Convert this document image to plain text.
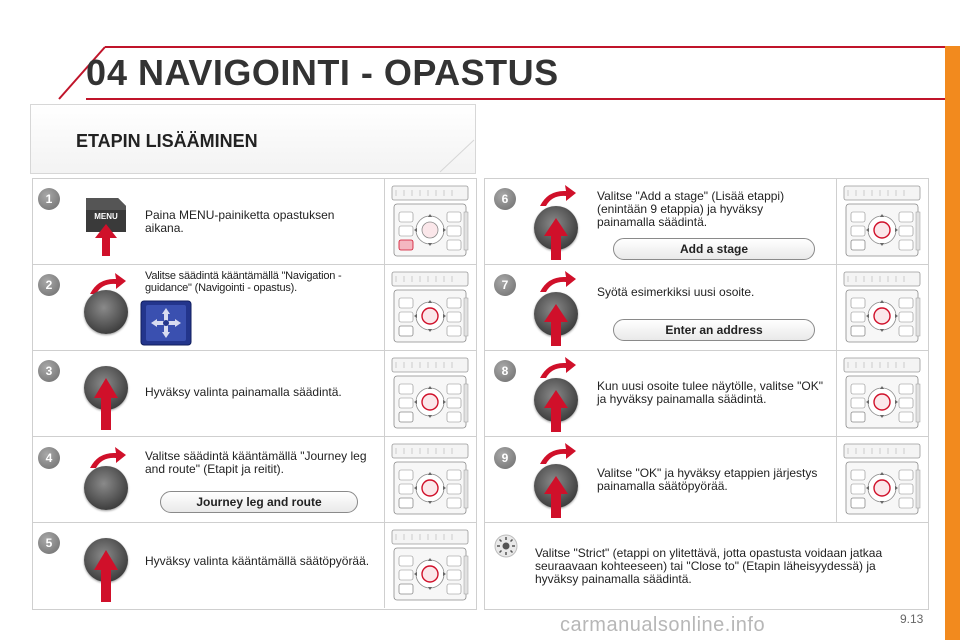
04 NAVIGOINTI - OPASTUS
ETAPIN LISÄÄMINEN
1
MENU Paina MENU-painiketta opastuksen aikana.
2
Valitse säädintä kääntämällä "Navigation - guidance" (Navigointi - opastus).
3
Hyväksy valinta painamalla säädintä.
4	Valitse säädintä kääntämällä "Journey leg and route" (Etapit ja reitit).
Journey leg and route
5
Hyväksy valinta kääntämällä säätöpyörää.
6	Valitse "Add a stage" (Lisää etappi) (enintään 9 etappia) ja hyväksy painamalla säädintä.
Add a stage
7	Syötä esimerkiksi uusi osoite.
Enter an address
8
Kun uusi osoite tulee näytölle, valitse "OK" ja hyväksy painamalla säädintä.
9
Valitse "OK" ja hyväksy etappien järjestys painamalla säätöpyörää.
Valitse "Strict" (etappi on ylitettävä, jotta opastusta voidaan jatkaa seuraavaan kohteeseen) tai "Close to" (Etapin läheisyydessä) ja hyväksy painamalla säädintä.
carmanualsonline.info	9.13
